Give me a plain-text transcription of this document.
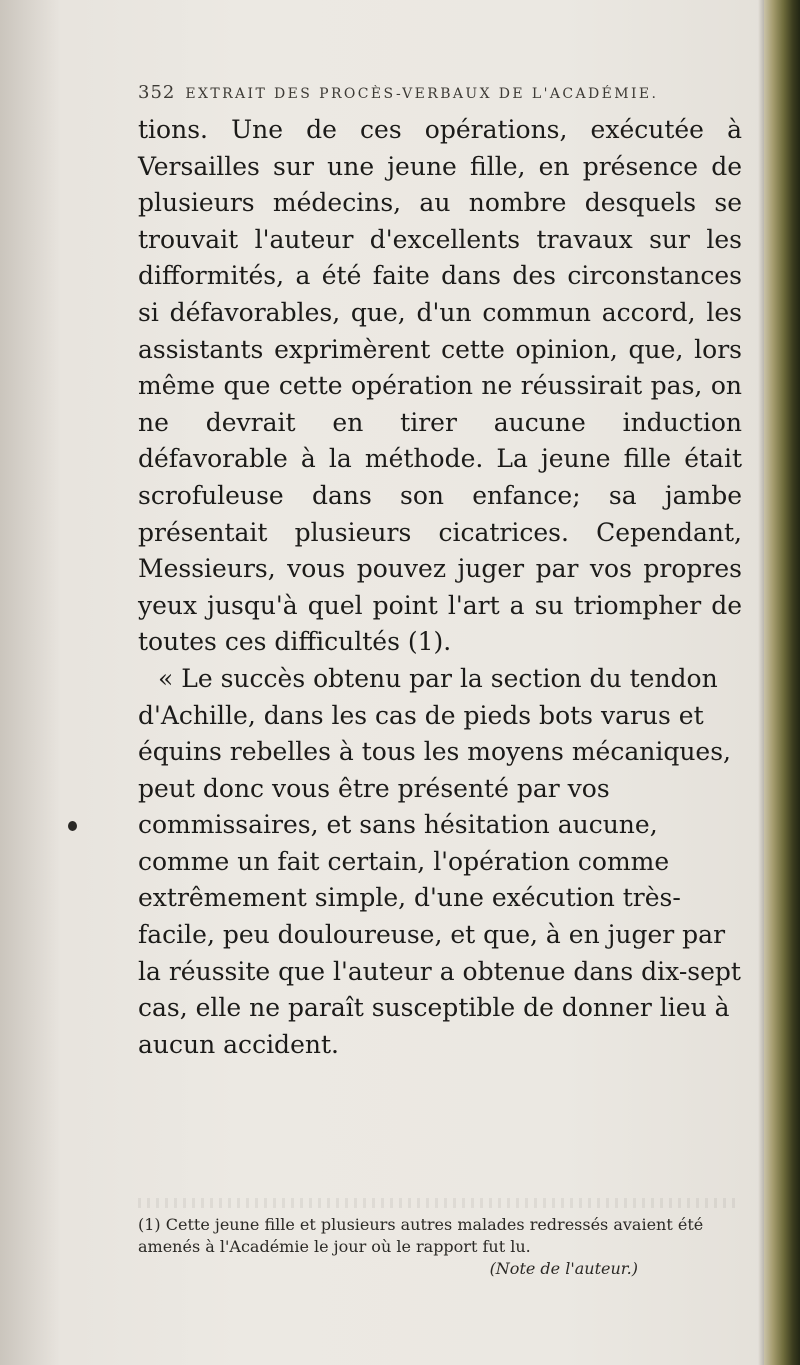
352 EXTRAIT DES PROCÈS-VERBAUX DE L'ACADÉMIE.

tions. Une de ces opérations, exécutée à Versailles sur une jeune fille, en présence de plusieurs médecins, au nombre desquels se trouvait l'auteur d'excellents travaux sur les difformités, a été faite dans des circonstances si défavorables, que, d'un commun accord, les assistants exprimèrent cette opinion, que, lors même que cette opération ne réussirait pas, on ne devrait en tirer aucune induction défavorable à la méthode. La jeune fille était scrofuleuse dans son enfance; sa jambe présentait plusieurs cicatrices. Cependant, Messieurs, vous pouvez juger par vos propres yeux jusqu'à quel point l'art a su triompher de toutes ces difficultés (1).

« Le succès obtenu par la section du tendon d'Achille, dans les cas de pieds bots varus et équins rebelles à tous les moyens mécaniques, peut donc vous être présenté par vos commissaires, et sans hésitation aucune, comme un fait certain, l'opération comme extrêmement simple, d'une exécution très-facile, peu douloureuse, et que, à en juger par la réussite que l'auteur a obtenue dans dix-sept cas, elle ne paraît susceptible de donner lieu à aucun accident.

(1) Cette jeune fille et plusieurs autres malades redressés avaient été amenés à l'Académie le jour où le rapport fut lu.

(Note de l'auteur.)
